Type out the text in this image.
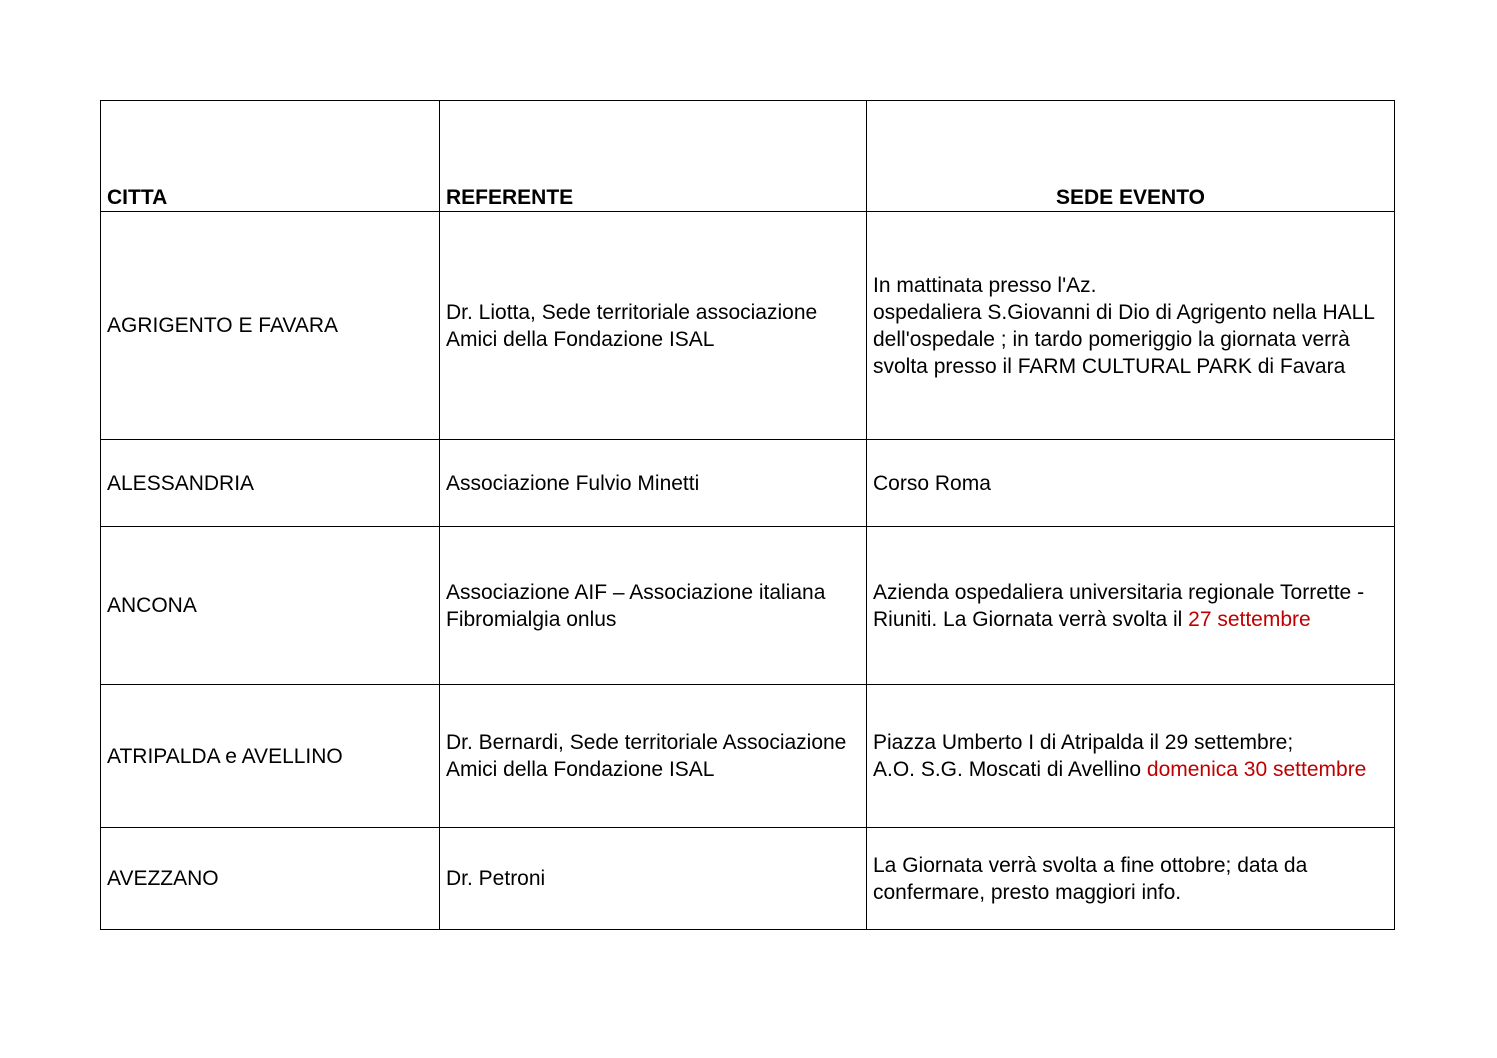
CITTA	REFERENTE	SEDE EVENTO
AGRIGENTO E FAVARA	Dr. Liotta, Sede territoriale associazione Amici della Fondazione ISAL	In mattinata presso l'Az.
ospedaliera S.Giovanni di Dio di Agrigento nella HALL dell'ospedale ; in tardo pomeriggio la giornata verrà svolta presso il FARM CULTURAL PARK di Favara

ALESSANDRIA	Associazione Fulvio Minetti	Corso Roma
ANCONA	Associazione AIF – Associazione italiana Fibromialgia onlus	Azienda ospedaliera universitaria regionale Torrette - Riuniti. La Giornata verrà svolta il 27 settembre
ATRIPALDA e AVELLINO	Dr. Bernardi, Sede territoriale Associazione Amici della Fondazione ISAL	Piazza Umberto I di Atripalda il 29 settembre;
A.O. S.G. Moscati di Avellino domenica 30 settembre
AVEZZANO	Dr. Petroni	La Giornata verrà svolta a fine ottobre; data da confermare, presto maggiori info.
